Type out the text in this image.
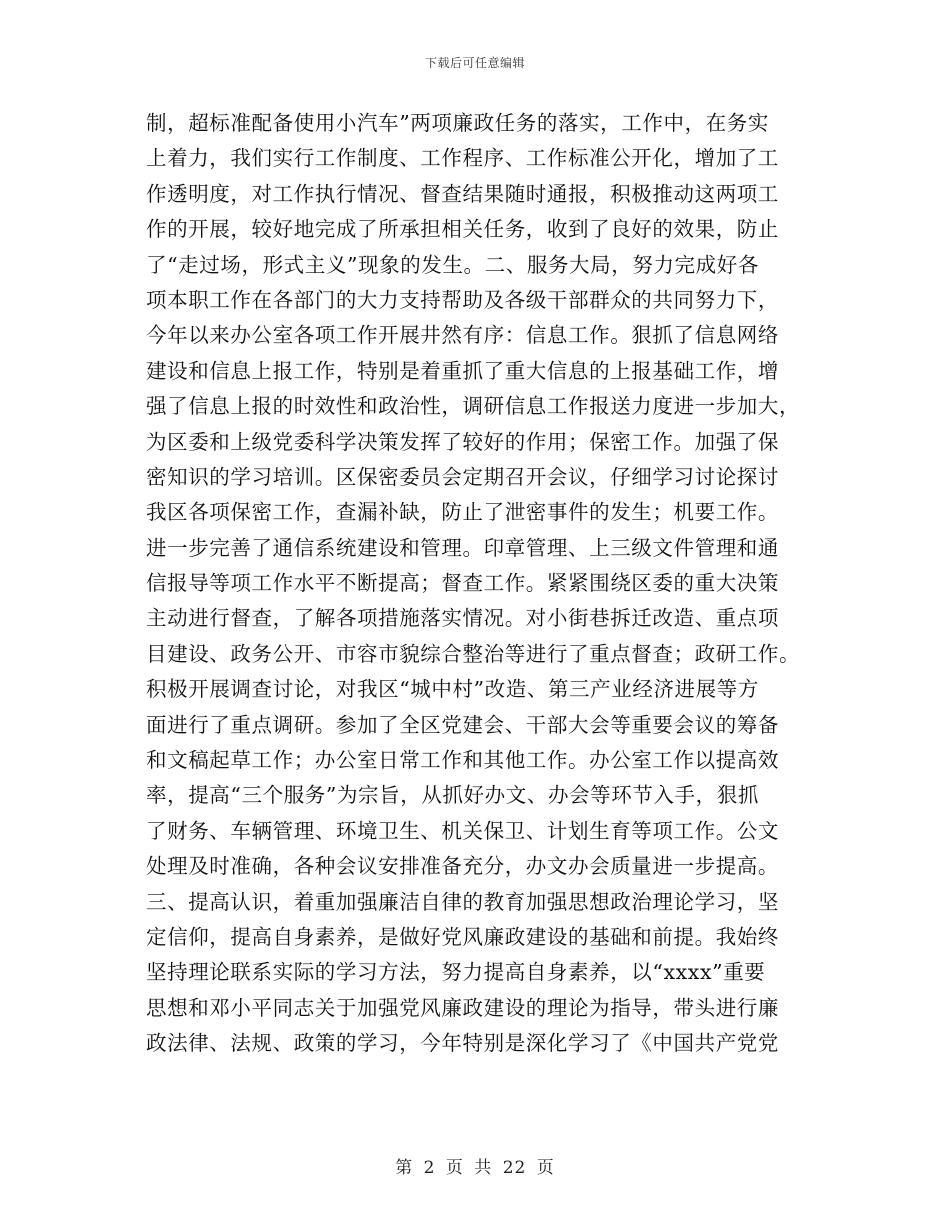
下载后可任意编辑
制，超标准配备使用小汽车”两项廉政任务的落实，工作中，在务实
上着力，我们实行工作制度、工作程序、工作标准公开化，增加了工
作透明度，对工作执行情况、督查结果随时通报，积极推动这两项工
作的开展，较好地完成了所承担相关任务，收到了良好的效果，防止
了“走过场，形式主义”现象的发生。二、服务大局，努力完成好各
项本职工作在各部门的大力支持帮助及各级干部群众的共同努力下，
今年以来办公室各项工作开展井然有序：信息工作。狠抓了信息网络
建设和信息上报工作，特别是着重抓了重大信息的上报基础工作，增
强了信息上报的时效性和政治性，调研信息工作报送力度进一步加大，
为区委和上级党委科学决策发挥了较好的作用；保密工作。加强了保
密知识的学习培训。区保密委员会定期召开会议，仔细学习讨论探讨
我区各项保密工作，查漏补缺，防止了泄密事件的发生；机要工作。
进一步完善了通信系统建设和管理。印章管理、上三级文件管理和通
信报导等项工作水平不断提高；督查工作。紧紧围绕区委的重大决策
主动进行督查，了解各项措施落实情况。对小街巷拆迁改造、重点项
目建设、政务公开、市容市貌综合整治等进行了重点督查；政研工作。
积极开展调查讨论，对我区“城中村”改造、第三产业经济进展等方
面进行了重点调研。参加了全区党建会、干部大会等重要会议的筹备
和文稿起草工作；办公室日常工作和其他工作。办公室工作以提高效
率，提高“三个服务”为宗旨，从抓好办文、办会等环节入手，狠抓
了财务、车辆管理、环境卫生、机关保卫、计划生育等项工作。公文
处理及时准确，各种会议安排准备充分，办文办会质量进一步提高。
三、提高认识，着重加强廉洁自律的教育加强思想政治理论学习，坚
定信仰，提高自身素养，是做好党风廉政建设的基础和前提。我始终
坚持理论联系实际的学习方法，努力提高自身素养，以“xxxx”重要
思想和邓小平同志关于加强党风廉政建设的理论为指导，带头进行廉
政法律、法规、政策的学习，今年特别是深化学习了《中国共产党党
第 2 页 共 22 页
